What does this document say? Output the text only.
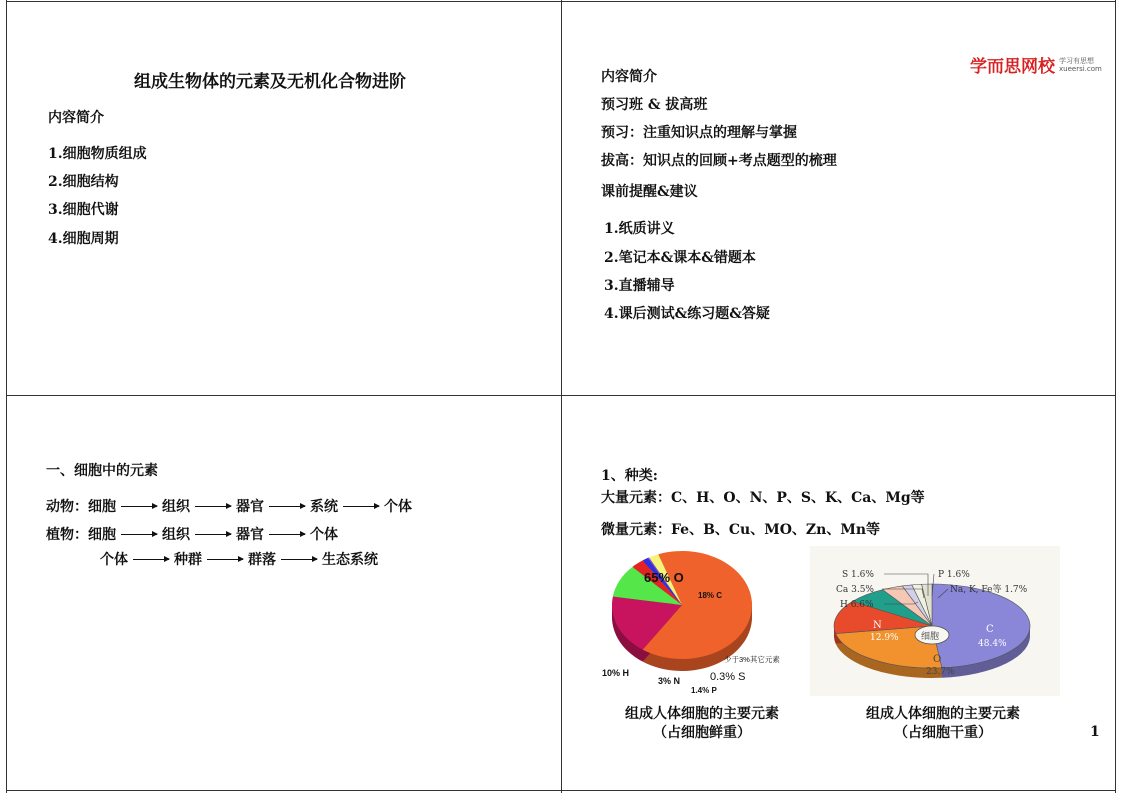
组成生物体的元素及无机化合物进阶
内容简介
1.细胞物质组成
2.细胞结构
3.细胞代谢
4.细胞周期
学而思网校 学习有思想
xueersi.com
内容简介
预习班 & 拔高班
预习：注重知识点的理解与掌握
拔高：知识点的回顾+考点题型的梳理
课前提醒&建议
1.纸质讲义
2.笔记本&课本&错题本
3.直播辅导
4.课后测试&练习题&答疑
一、细胞中的元素
动物： 细胞	组织	器官	系统	个体
植物： 细胞	组织	器官	个体
个体	种群	群落	生态系统
1、种类:
大量元素：C、H、O、N、P、S、K、Ca、Mg等
微量元素：Fe、B、Cu、MO、Zn、Mn等
65% O
18% C
10% H
3% N
1.4% P
0.3% S
少于3%其它元素
细胞
C
48.4%
O
23.7%
N
12.9%
H 6.6%
Ca 3.5%
S 1.6%	P 1.6%
Na, K, Fe等 1.7%
组成人体细胞的主要元素
（占细胞鲜重）
组成人体细胞的主要元素
（占细胞干重）	1
